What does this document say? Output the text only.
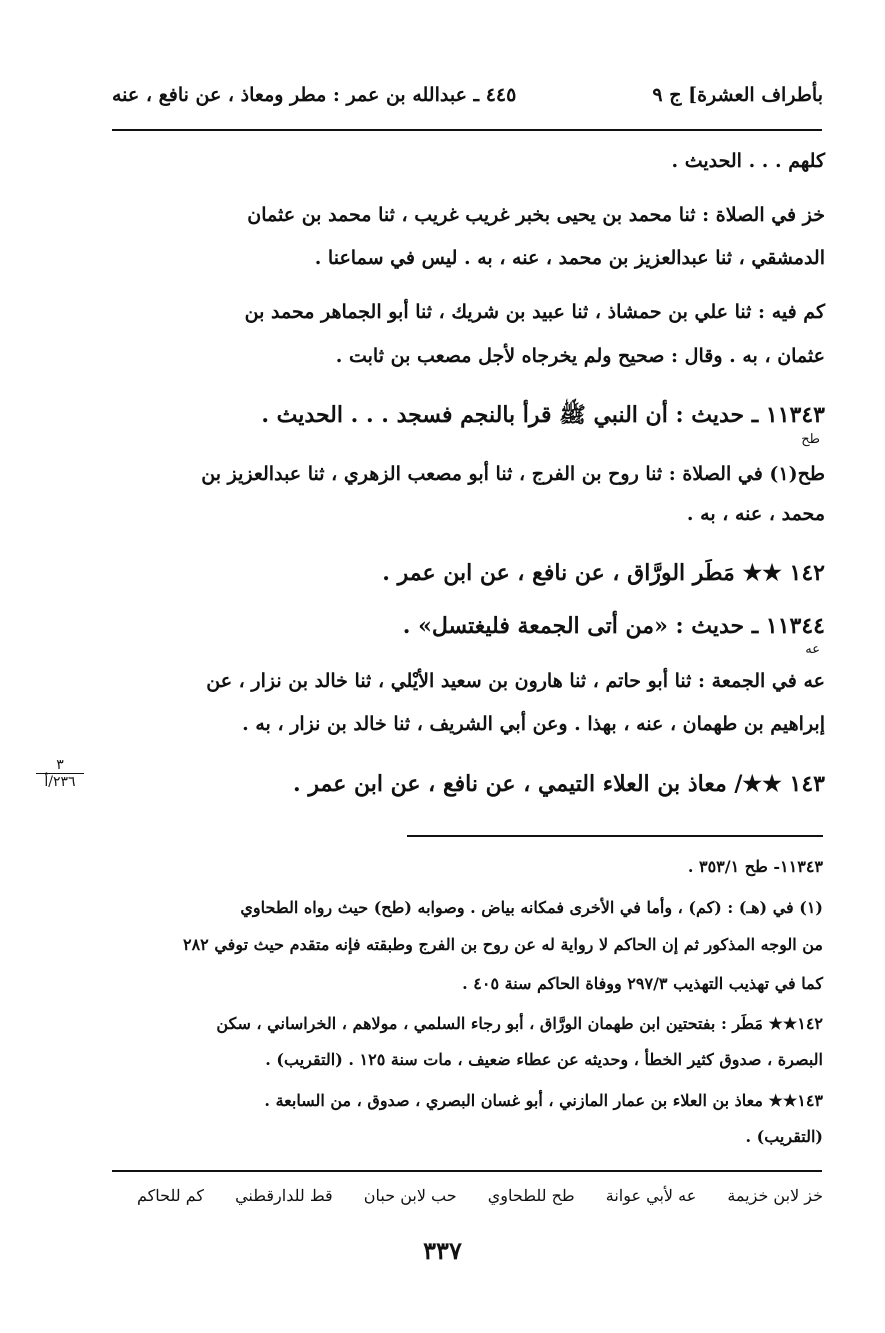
بأطراف العشرة] ج ٩
٤٤٥ ـ عبدالله بن عمر : مطر ومعاذ ، عن نافع ، عنه
كلهم . . . الحديث .
خز في الصلاة : ثنا محمد بن يحيى بخبر غريب غريب ، ثنا محمد بن عثمان
الدمشقي ، ثنا عبدالعزيز بن محمد ، عنه ، به . ليس في سماعنا .
كم فيه : ثنا علي بن حمشاذ ، ثنا عبيد بن شريك ، ثنا أبو الجماهر محمد بن
عثمان ، به . وقال : صحيح ولم يخرجاه لأجل مصعب بن ثابت .
١١٣٤٣ ـ حديث : أن النبي ﷺ قرأ بالنجم فسجد . . . الحديث .
طح
طح(١) في الصلاة : ثنا روح بن الفرج ، ثنا أبو مصعب الزهري ، ثنا عبدالعزيز بن
محمد ، عنه ، به .
١٤٢ ★★ مَطَر الورَّاق ، عن نافع ، عن ابن عمر .
١١٣٤٤ ـ حديث : «من أتى الجمعة فليغتسل» .
عه
عه في الجمعة : ثنا أبو حاتم ، ثنا هارون بن سعيد الأيْلي ، ثنا خالد بن نزار ، عن
إبراهيم بن طهمان ، عنه ، بهذا . وعن أبي الشريف ، ثنا خالد بن نزار ، به .
١٤٣ ★★/ معاذ بن العلاء التيمي ، عن نافع ، عن ابن عمر .
٣
٢٣٦/أ
١١٣٤٣- طح ٣٥٣/١ .
(١) في (هـ) : (كم) ، وأما في الأخرى فمكانه بياض . وصوابه (طح) حيث رواه الطحاوي
من الوجه المذكور ثم إن الحاكم لا رواية له عن روح بن الفرج وطبقته فإنه متقدم حيث توفي ٢٨٢
كما في تهذيب التهذيب ٢٩٧/٣ ووفاة الحاكم سنة ٤٠٥ .
١٤٢★★ مَطَر : بفتحتين ابن طهمان الورَّاق ، أبو رجاء السلمي ، مولاهم ، الخراساني ، سكن
البصرة ، صدوق كثير الخطأ ، وحديثه عن عطاء ضعيف ، مات سنة ١٢٥ . (التقريب) .
١٤٣★★ معاذ بن العلاء بن عمار المازني ، أبو غسان البصري ، صدوق ، من السابعة .
(التقريب) .
خز لابن خزيمة عه لأبي عوانة طح للطحاوي حب لابن حبان قط للدارقطني كم للحاكم
٣٣٧
